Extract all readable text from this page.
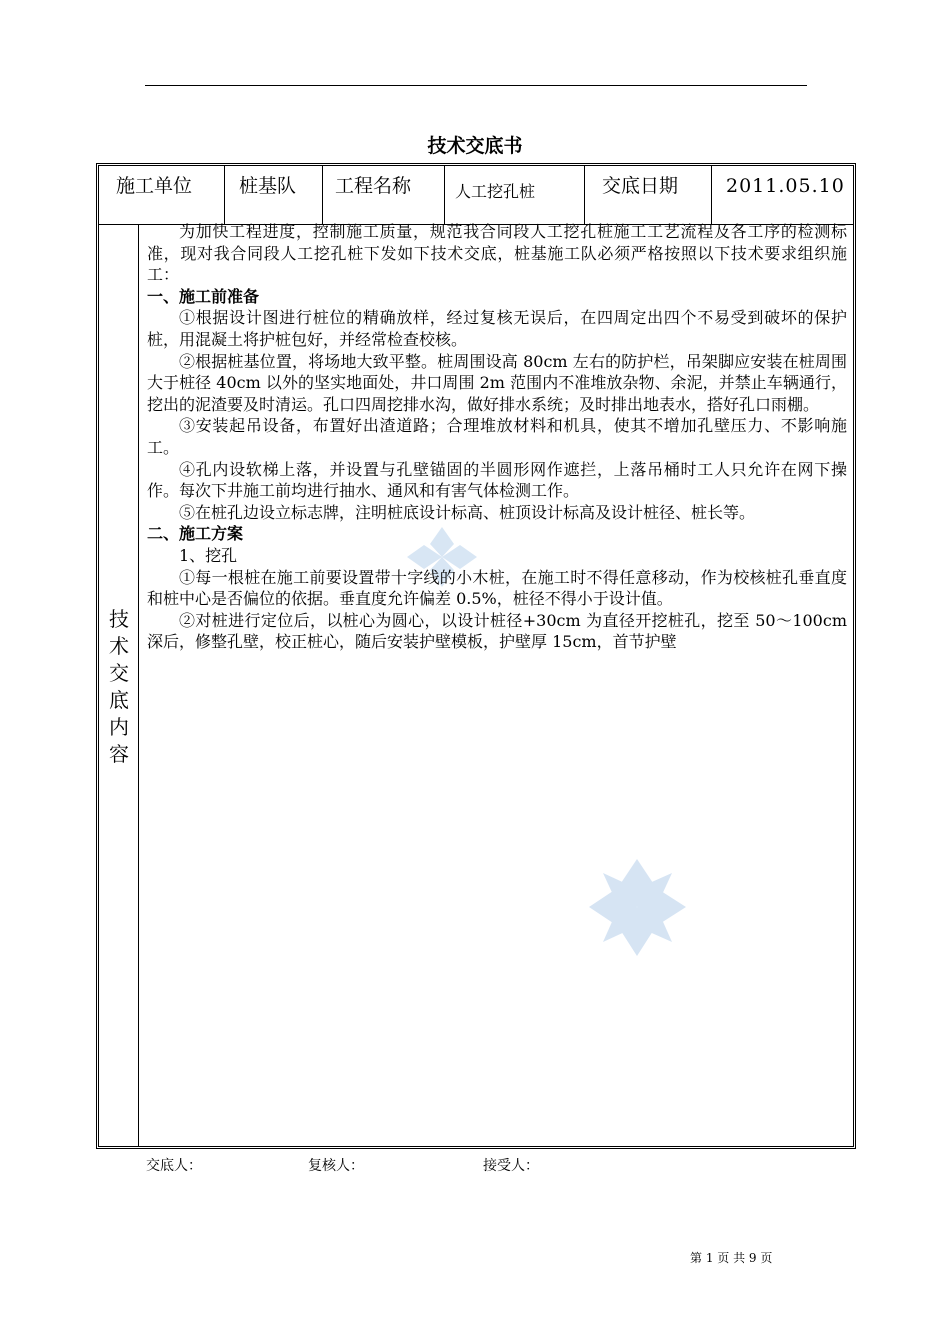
技术交底书
施工单位 桩基队 工程名称	人工挖孔桩	交底日期	2011.05.10
技
术
交
底
内
容

为加快工程进度，控制施工质量，规范我合同段人工挖孔桩施工工艺流程及各工序的检测标准，现对我合同段人工挖孔桩下发如下技术交底，桩基施工队必须严格按照以下技术要求组织施工：

一、施工前准备

①根据设计图进行桩位的精确放样，经过复核无误后，在四周定出四个不易受到破坏的保护桩，用混凝土将护桩包好，并经常检查校核。

②根据桩基位置，将场地大致平整。桩周围设高 80cm 左右的防护栏，吊架脚应安装在桩周围大于桩径 40cm 以外的坚实地面处，井口周围 2m 范围内不准堆放杂物、余泥，并禁止车辆通行，挖出的泥渣要及时清运。孔口四周挖排水沟，做好排水系统；及时排出地表水，搭好孔口雨棚。

③安装起吊设备，布置好出渣道路；合理堆放材料和机具，使其不增加孔壁压力、不影响施工。

④孔内设软梯上落，并设置与孔壁锚固的半圆形网作遮拦，上落吊桶时工人只允许在网下操作。每次下井施工前均进行抽水、通风和有害气体检测工作。

⑤在桩孔边设立标志牌，注明桩底设计标高、桩顶设计标高及设计桩径、桩长等。

二、施工方案

1、挖孔

①每一根桩在施工前要设置带十字线的小木桩，在施工时不得任意移动，作为校核桩孔垂直度和桩中心是否偏位的依据。垂直度允许偏差 0.5%，桩径不得小于设计值。

②对桩进行定位后，以桩心为圆心，以设计桩径+30cm 为直径开挖桩孔，挖至 50～100cm 深后，修整孔壁，校正桩心，随后安装护壁模板，护壁厚 15cm，首节护壁

交底人：	复核人：	接受人：
第 1 页 共 9 页
